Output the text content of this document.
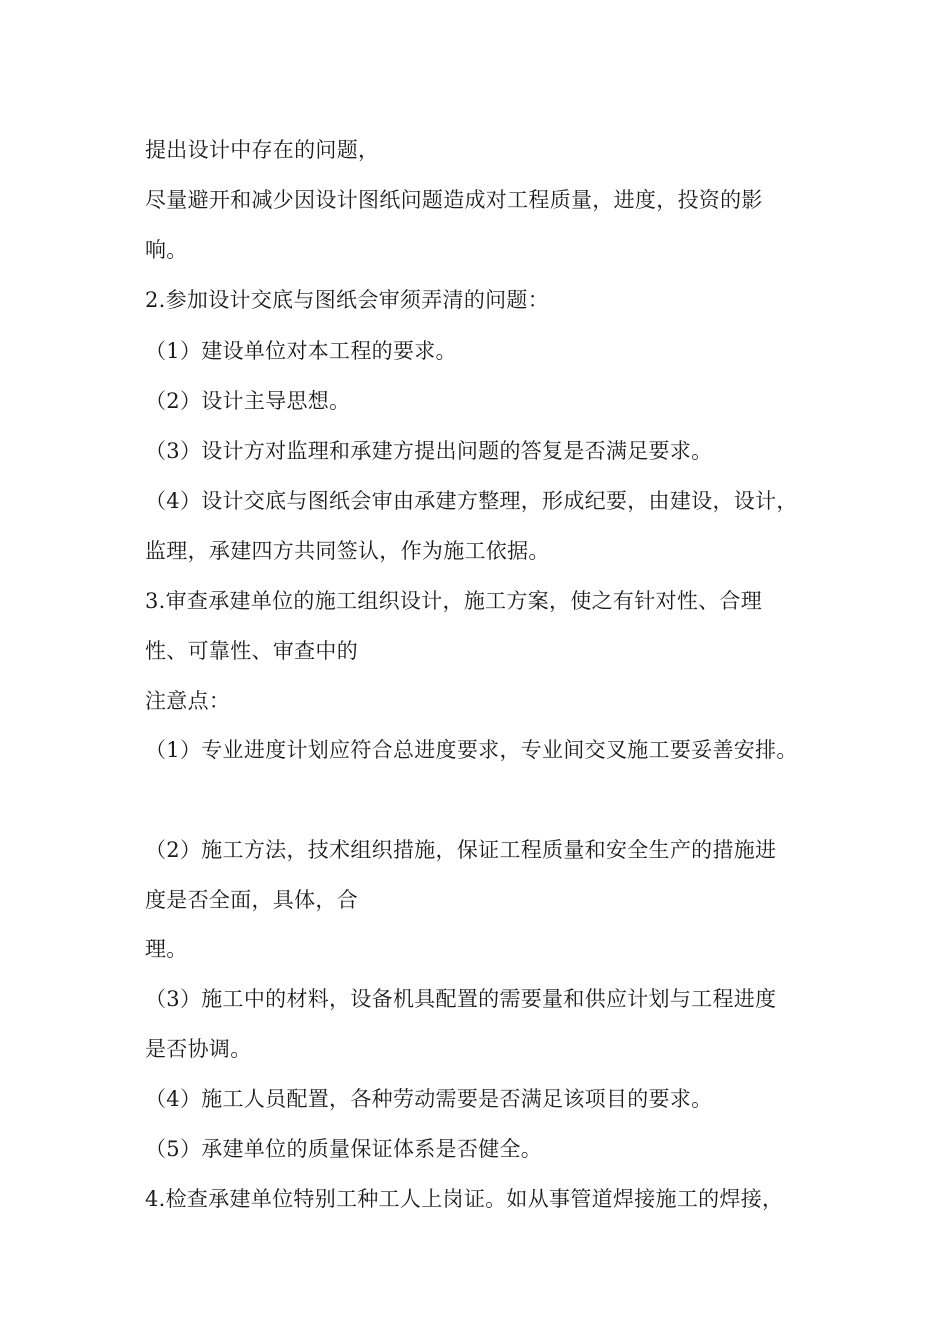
提出设计中存在的问题，
尽量避开和减少因设计图纸问题造成对工程质量，进度，投资的影
响。
2.参加设计交底与图纸会审须弄清的问题：
（1）建设单位对本工程的要求。
（2）设计主导思想。
（3）设计方对监理和承建方提出问题的答复是否满足要求。
（4）设计交底与图纸会审由承建方整理，形成纪要，由建设，设计，
监理，承建四方共同签认，作为施工依据。
3.审查承建单位的施工组织设计，施工方案，使之有针对性、合理
性、可靠性、审查中的
注意点：
（1）专业进度计划应符合总进度要求，专业间交叉施工要妥善安排。
（2）施工方法，技术组织措施，保证工程质量和安全生产的措施进
度是否全面，具体，合
理。
（3）施工中的材料，设备机具配置的需要量和供应计划与工程进度
是否协调。
（4）施工人员配置，各种劳动需要是否满足该项目的要求。
（5）承建单位的质量保证体系是否健全。
4.检查承建单位特别工种工人上岗证。如从事管道焊接施工的焊接，
